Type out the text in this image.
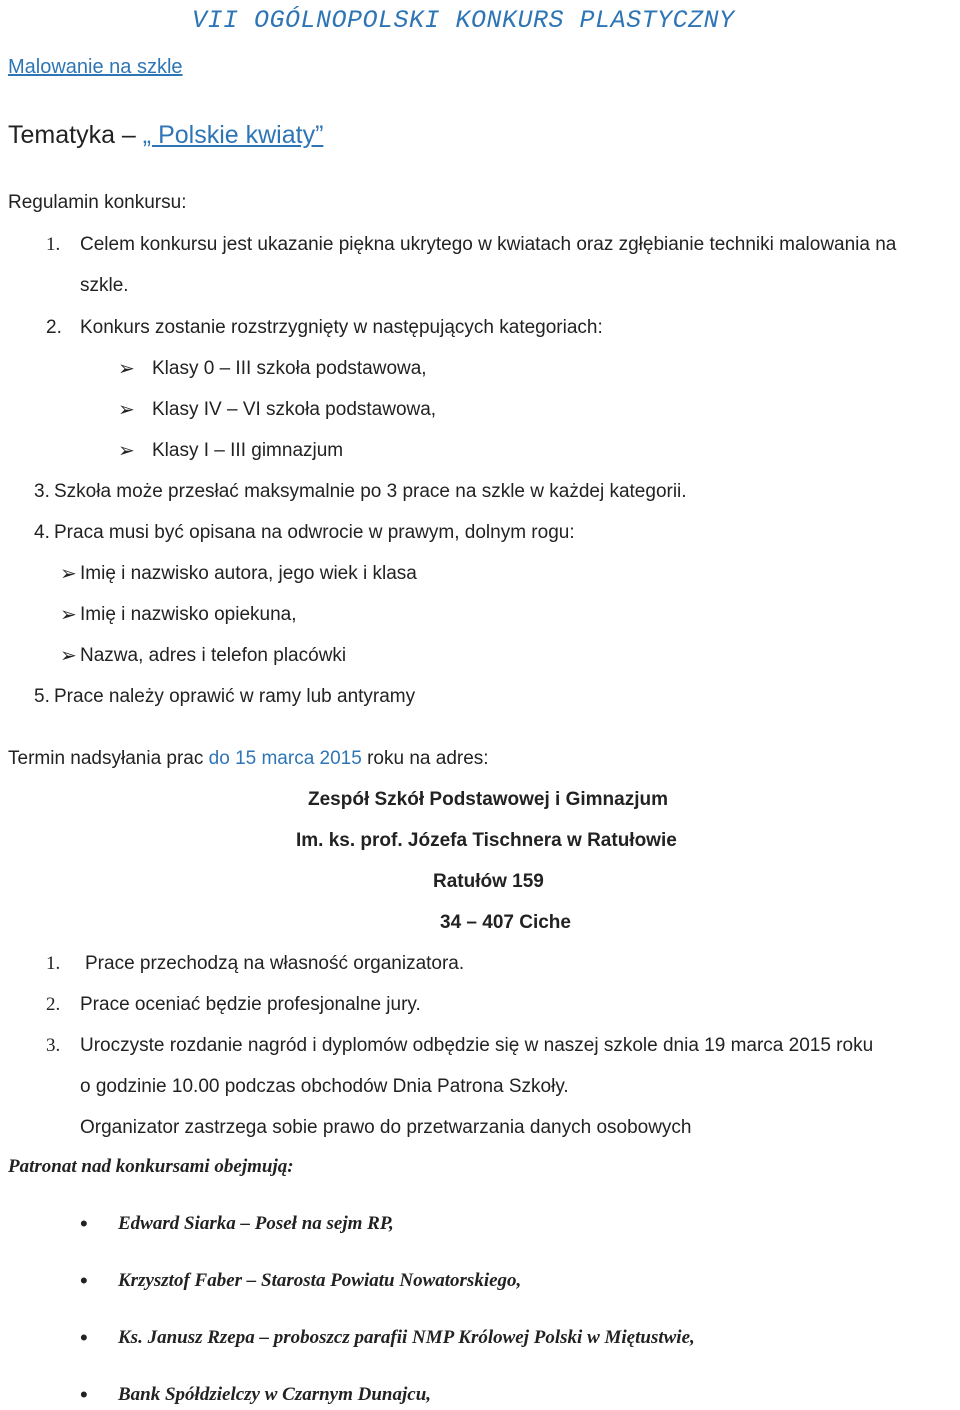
VII OGÓLNOPOLSKI KONKURS PLASTYCZNY
Malowanie na szkle
Tematyka – „ Polskie kwiaty”
Regulamin konkursu:
1. Celem konkursu jest ukazanie piękna ukrytego w kwiatach oraz zgłębianie techniki malowania na
szkle.
2. Konkurs zostanie rozstrzygnięty w następujących kategoriach:
➢ Klasy 0 – III szkoła podstawowa,
➢ Klasy IV – VI szkoła podstawowa,
➢ Klasy I – III gimnazjum
3. Szkoła może przesłać maksymalnie po 3 prace na szkle w każdej kategorii.
4. Praca musi być opisana na odwrocie w prawym, dolnym rogu:
➢ Imię i nazwisko autora, jego wiek i klasa
➢ Imię i nazwisko opiekuna,
➢ Nazwa, adres i telefon placówki
5. Prace należy oprawić w ramy lub antyramy
Termin nadsyłania prac do 15 marca 2015 roku na adres:
Zespół Szkół Podstawowej i Gimnazjum
Im. ks. prof. Józefa Tischnera w Ratułowie
Ratułów 159
34 – 407 Ciche
1. Prace przechodzą na własność organizatora.
2. Prace oceniać będzie profesjonalne jury.
3. Uroczyste rozdanie nagród i dyplomów odbędzie się w naszej szkole dnia 19 marca 2015 roku
o godzinie 10.00 podczas obchodów Dnia Patrona Szkoły.
Organizator zastrzega sobie prawo do przetwarzania danych osobowych
Patronat nad konkursami obejmują:
• Edward Siarka – Poseł na sejm RP,
• Krzysztof Faber – Starosta Powiatu Nowatorskiego,
• Ks. Janusz Rzepa – proboszcz parafii NMP Królowej Polski w Miętustwie,
• Bank Spółdzielczy w Czarnym Dunajcu,
